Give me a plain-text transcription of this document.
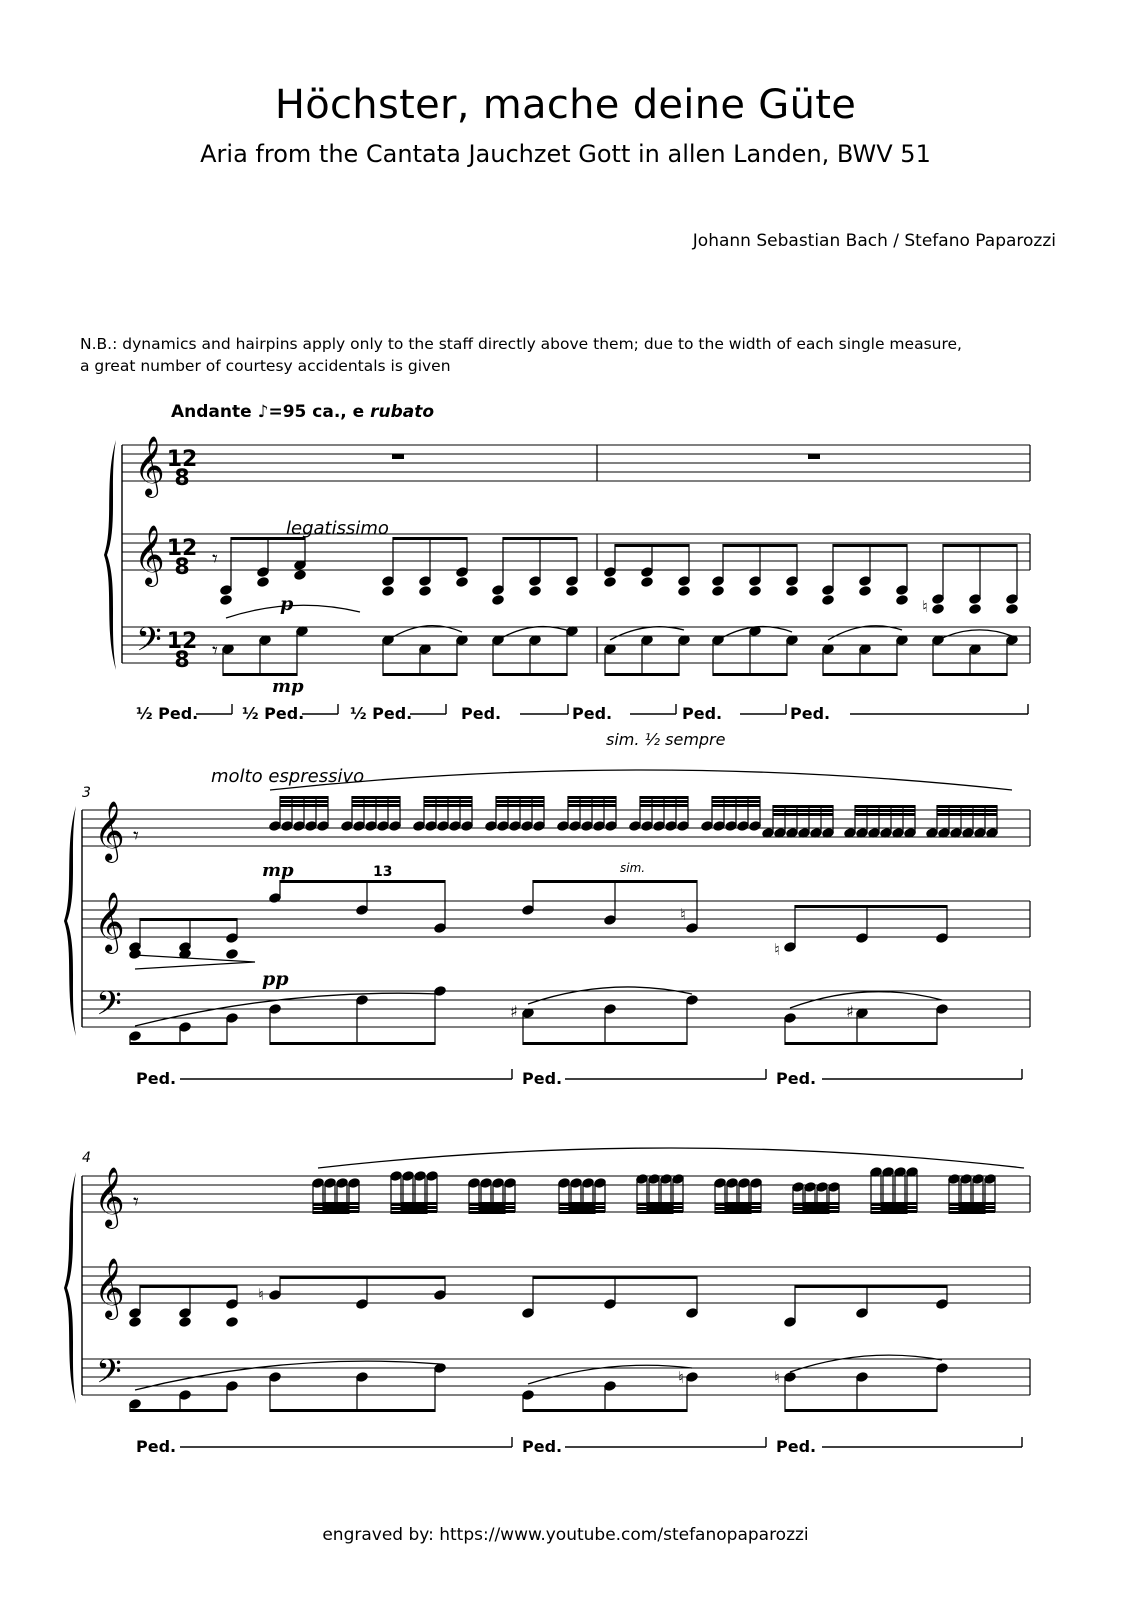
Höchster, mache deine Güte
Aria from the Cantata Jauchzet Gott in allen Landen, BWV 51
Johann Sebastian Bach / Stefano Paparozzi
N.B.: dynamics and hairpins apply only to the staff directly above them; due to the width of each single measure,
a great number of courtesy accidentals is given
𝄞
𝄞
𝄢
𝄾
𝄾
♮
𝄞
𝄞
𝄢
𝄾
♮
♮
♯	♯
𝄞
𝄞
𝄢
𝄾
♮
♮	♮
Andante ♪=95 ca., e rubato
12
8
12
8
12
8
legatissimo
p
mp
½ Ped.	½ Ped.	½ Ped.	Ped.	Ped.	Ped.	Ped.
sim. ½ sempre
3
molto espressivo
mp	13	sim.
pp
Ped.	Ped.	Ped.
4
Ped.	Ped.	Ped.
engraved by: https://www.youtube.com/stefanopaparozzi
